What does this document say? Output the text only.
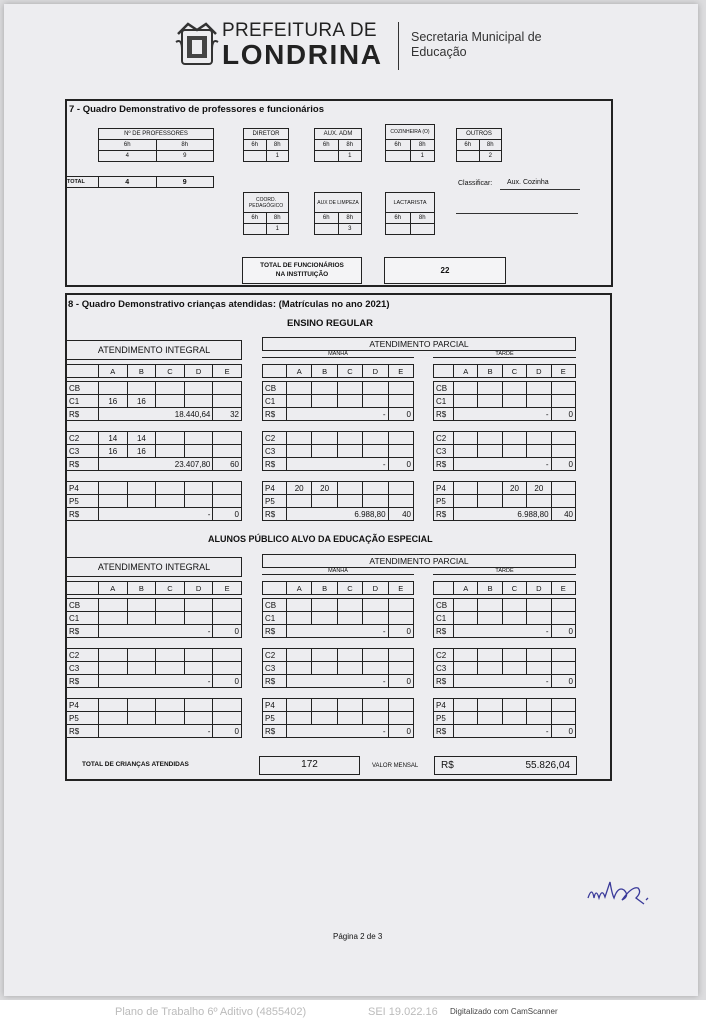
PREFEITURA DE
LONDRINA
Secretaria Municipal de
Educação
7 - Quadro Demonstrativo de professores e funcionários
Nº DE PROFESSORES	
6h	8h
4	9
TOTAL	4	9
DIRETOR	
6h	8h
	1
AUX. ADM	
6h	8h
	1
COZINHEIRA (O)	
6h	8h
	1
OUTROS	
6h	8h
	2
Classificar: Aux. Cozinha
COORD. PEDAGÓGICO	
6h	8h
	1
AUX DE LIMPEZA	
6h	8h
	3
LACTARISTA	
6h	8h

TOTAL DE FUNCIONÁRIOS
NA INSTITUIÇÃO	22
8 - Quadro Demonstrativo crianças atendidas: (Matrículas no ano 2021)
ENSINO REGULAR
ATENDIMENTO INTEGRAL
ATENDIMENTO PARCIAL
MANHÃ	TARDE
	A	B	C	D	E
CB					
C1	16	16			
R$	18.440,64				32
C2	14	14			
C3	16	16			
R$	23.407,80				60
P4					
P5					
R$	-				0
	A	B	C	D	E
CB					
C1					
R$	-				0
C2					
C3					
R$	-				0
P4	20	20			
P5					
R$	6.988,80				40
	A	B	C	D	E
CB					
C1					
R$	-				0
C2					
C3					
R$	-				0
P4			20	20	
P5					
R$	6.988,80				40
ATENDIMENTO INTEGRAL
ATENDIMENTO PARCIAL
MANHÃ	TARDE
	A	B	C	D	E
CB					
C1					
R$	-				0
C2					
C3					
R$	-				0
P4					
P5					
R$	-				0
	A	B	C	D	E
CB					
C1					
R$	-				0
C2					
C3					
R$	-				0
P4					
P5					
R$	-				0
	A	B	C	D	E
CB					
C1					
R$	-				0
C2					
C3					
R$	-				0
P4					
P5					
R$	-				0
ALUNOS PÚBLICO ALVO DA EDUCAÇÃO ESPECIAL
TOTAL DE CRIANÇAS ATENDIDAS	172	VALOR MENSAL R$	55.826,04
Página 2 de 3
Plano de Trabalho 6º Aditivo (4855402)	SEI 19.022.16 Digitalizado com CamScanner
